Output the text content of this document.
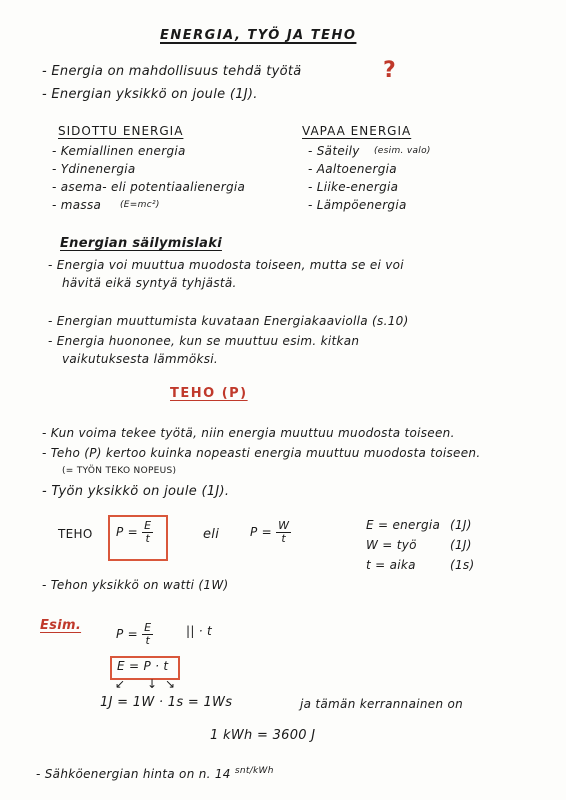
ENERGIA, TYÖ JA TEHO
- Energia on mahdollisuus tehdä työtä
- Energian yksikkö on joule (1J).
?
SIDOTTU ENERGIA
- Kemiallinen energia
- Ydinenergia
- asema- eli potentiaalienergia
- massa (E=mc²)
VAPAA ENERGIA
- Säteily (esim. valo)
- Aaltoenergia
- Liike-energia
- Lämpöenergia
Energian säilymislaki
- Energia voi muuttua muodosta toiseen, mutta se ei voi
hävitä eikä syntyä tyhjästä.
- Energian muuttumista kuvataan Energiakaaviolla (s.10)
- Energia huononee, kun se muuttuu esim. kitkan
vaikutuksesta lämmöksi.
TEHO (P)
- Kun voima tekee työtä, niin energia muuttuu muodosta toiseen.
- Teho (P) kertoo kuinka nopeasti energia muuttuu muodosta toiseen.
(= TYÖN TEKO NOPEUS)
- Työn yksikkö on joule (1J).
TEHO $P = \frac{E}{t}$	eli	$P = \frac{W}{t}$	E = energia (1J)
W = työ	(1J)
t = aika	(1s)
- Tehon yksikkö on watti (1W)
Esim.
$P = \frac{E}{t}$	|| · t
E = P · t
↙ ↓ ↘
1J = 1W · 1s = 1Ws	ja tämän kerrannainen on
1 kWh = 3600 J
- Sähköenergian hinta on n. 14 $^{snt/kWh}$
